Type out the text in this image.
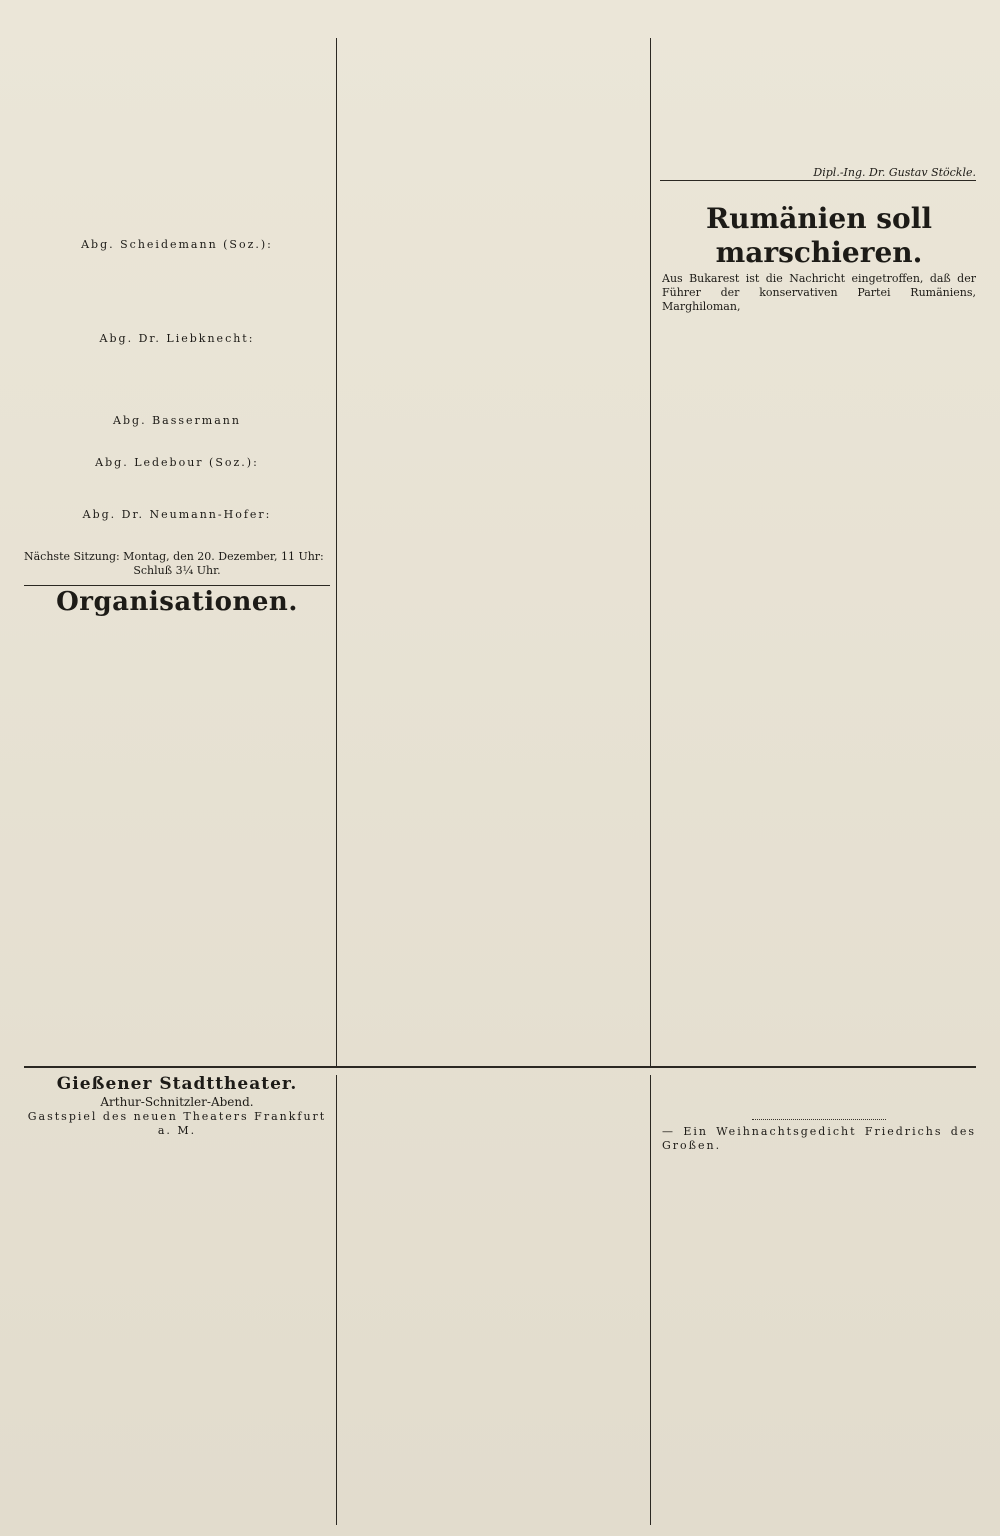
Abg. Scheidemann (Soz.):
Abg. Dr. Liebknecht:
Abg. Bassermann
Abg. Ledebour (Soz.):
Abg. Dr. Neumann-Hofer:
Nächste Sitzung: Montag, den 20. Dezember, 11 Uhr:
Schluß 3¼ Uhr.
Organisationen.
Dipl.-Ing. Dr. Gustav Stöckle.
Rumänien soll marschieren.
Aus Bukarest ist die Nachricht eingetroffen, daß der Führer der konservativen Partei Rumäniens, Marghiloman,
Gießener Stadttheater.
Arthur-Schnitzler-Abend.
Gastspiel des neuen Theaters Frankfurt a. M.	— Ein Weihnachtsgedicht Friedrichs des Großen.
